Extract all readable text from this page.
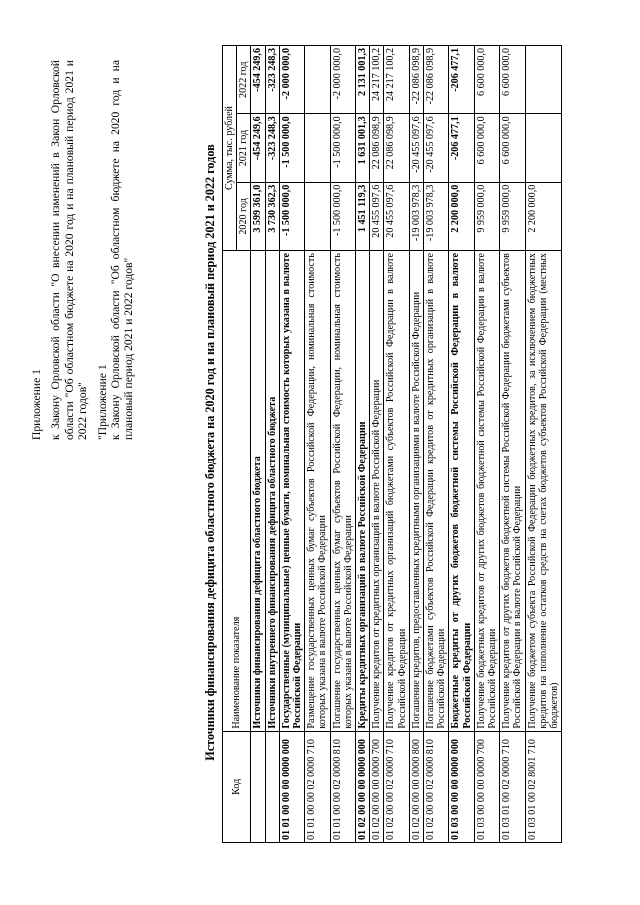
Приложение 1 к Закону Орловской области "О внесении изменений в Закон Орловской области "Об областном бюджете на 2020 год и на плановый период 2021 и 2022 годов" "Приложение 1 к Закону Орловской области "Об областном бюджете на 2020 год и на плановый период 2021 и 2022 годов"	Источники финансирования дефицита областного бюджета на 2020 год и на плановый период 2021 и 2022 годов
Код	Наименование показателя	Сумма, тыс. рублей		
		2020 год	2021 год	2022 год
	Источники финансирования дефицита областного бюджета	3 599 361,0	-454 249,6	-454 249,6
	Источники внутреннего финансирования дефицита областного бюджета	3 730 362,3	-323 248,3	-323 248,3
01 01 00 00 00 0000 000	Государственные (муниципальные) ценные бумаги, номинальная стоимость которых указана в валюте Российской Федерации	-1 500 000,0	-1 500 000,0	-2 000 000,0
01 01 00 00 02 0000 710	Размещение государственных ценных бумаг субъектов Российской Федерации, номинальная стоимость которых указана в валюте Российской Федерации			
01 01 00 00 02 0000 810	Погашение государственных ценных бумаг субъектов Российской Федерации, номинальная стоимость которых указана в валюте Российской Федерации	-1 500 000,0	-1 500 000,0	-2 000 000,0
01 02 00 00 00 0000 000	Кредиты кредитных организаций в валюте Российской Федерации	1 451 119,3	1 631 001,3	2 131 001,3
01 02 00 00 00 0000 700	Получение кредитов от кредитных организаций в валюте Российской Федерации	20 455 097,6	22 086 098,9	24 217 100,2
01 02 00 00 02 0000 710	Получение кредитов от кредитных организаций бюджетами субъектов Российской Федерации в валюте Российской Федерации	20 455 097,6	22 086 098,9	24 217 100,2
01 02 00 00 00 0000 800	Погашение кредитов, предоставленных кредитными организациями в валюте Российской Федерации	-19 003 978,3	-20 455 097,6	-22 086 098,9
01 02 00 00 02 0000 810	Погашение бюджетами субъектов Российской Федерации кредитов от кредитных организаций в валюте Российской Федерации	-19 003 978,3	-20 455 097,6	-22 086 098,9
01 03 00 00 00 0000 000	Бюджетные кредиты от других бюджетов бюджетной системы Российской Федерации в валюте Российской Федерации	2 200 000,0	-206 477,1	-206 477,1
01 03 00 00 00 0000 700	Получение бюджетных кредитов от других бюджетов бюджетной системы Российской Федерации в валюте Российской Федерации	9 959 000,0	6 600 000,0	6 600 000,0
01 03 01 00 02 0000 710	Получение кредитов от других бюджетов бюджетной системы Российской Федерации бюджетами субъектов Российской Федерации в валюте Российской Федерации	9 959 000,0	6 600 000,0	6 600 000,0
01 03 01 00 02 8001 710	Получение бюджетом субъекта Российской Федерации бюджетных кредитов, за исключением бюджетных кредитов на пополнение остатков средств на счетах бюджетов субъектов Российской Федерации (местных бюджетов)	2 200 000,0		
